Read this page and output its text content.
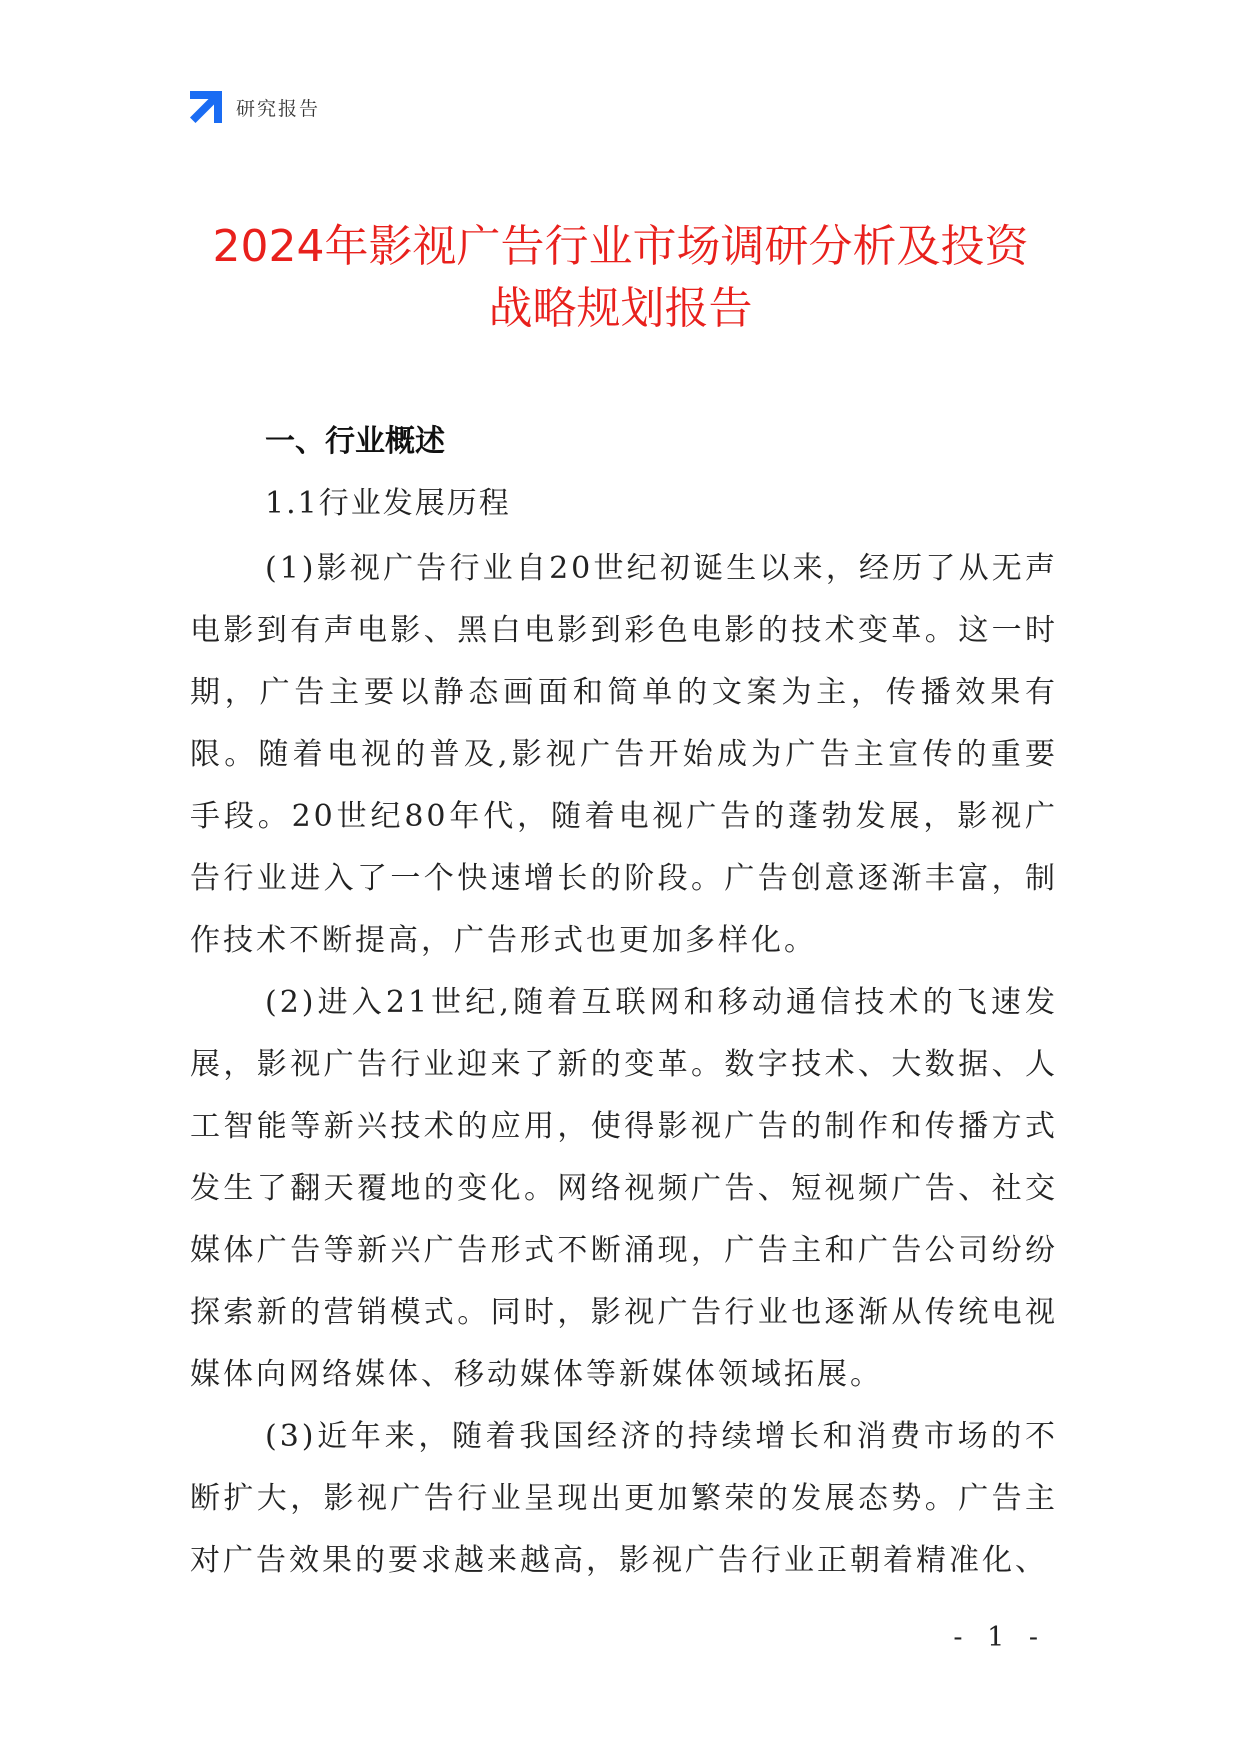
研究报告
2024年影视广告行业市场调研分析及投资
战略规划报告
一、行业概述
1.1行业发展历程

(1)影视广告行业自20世纪初诞生以来，经历了从无声电影到有声电影、黑白电影到彩色电影的技术变革。这一时期，广告主要以静态画面和简单的文案为主，传播效果有限。随着电视的普及,影视广告开始成为广告主宣传的重要手段。20世纪80年代，随着电视广告的蓬勃发展，影视广告行业进入了一个快速增长的阶段。广告创意逐渐丰富，制作技术不断提高，广告形式也更加多样化。

(2)进入21世纪,随着互联网和移动通信技术的飞速发展，影视广告行业迎来了新的变革。数字技术、大数据、人工智能等新兴技术的应用，使得影视广告的制作和传播方式发生了翻天覆地的变化。网络视频广告、短视频广告、社交媒体广告等新兴广告形式不断涌现，广告主和广告公司纷纷探索新的营销模式。同时，影视广告行业也逐渐从传统电视媒体向网络媒体、移动媒体等新媒体领域拓展。

(3)近年来，随着我国经济的持续增长和消费市场的不断扩大，影视广告行业呈现出更加繁荣的发展态势。广告主对广告效果的要求越来越高，影视广告行业正朝着精准化、

- 1 -
